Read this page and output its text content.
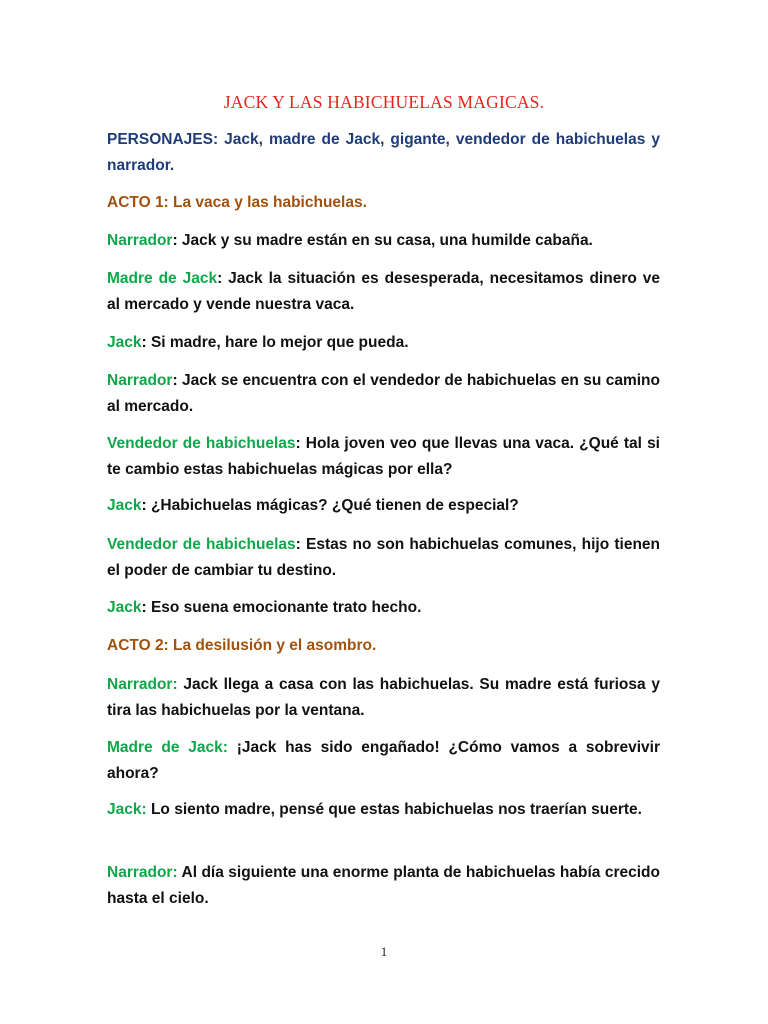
JACK Y LAS HABICHUELAS MAGICAS.
PERSONAJES: Jack, madre de Jack, gigante, vendedor de habichuelas y narrador.
ACTO 1: La vaca y las habichuelas.
Narrador: Jack y su madre están en su casa, una humilde cabaña.
Madre de Jack: Jack la situación es desesperada, necesitamos dinero ve al mercado y vende nuestra vaca.
Jack: Si madre, hare lo mejor que pueda.
Narrador: Jack se encuentra con el vendedor de habichuelas en su camino al mercado.
Vendedor de habichuelas: Hola joven veo que llevas una vaca. ¿Qué tal si te cambio estas habichuelas mágicas por ella?
Jack: ¿Habichuelas mágicas? ¿Qué tienen de especial?
Vendedor de habichuelas: Estas no son habichuelas comunes, hijo tienen el poder de cambiar tu destino.
Jack: Eso suena emocionante trato hecho.
ACTO 2: La desilusión y el asombro.
Narrador: Jack llega a casa con las habichuelas. Su madre está furiosa y tira las habichuelas por la ventana.
Madre de Jack: ¡Jack has sido engañado! ¿Cómo vamos a sobrevivir ahora?
Jack: Lo siento madre, pensé que estas habichuelas nos traerían suerte.
Narrador: Al día siguiente una enorme planta de habichuelas había crecido hasta el cielo.
1
